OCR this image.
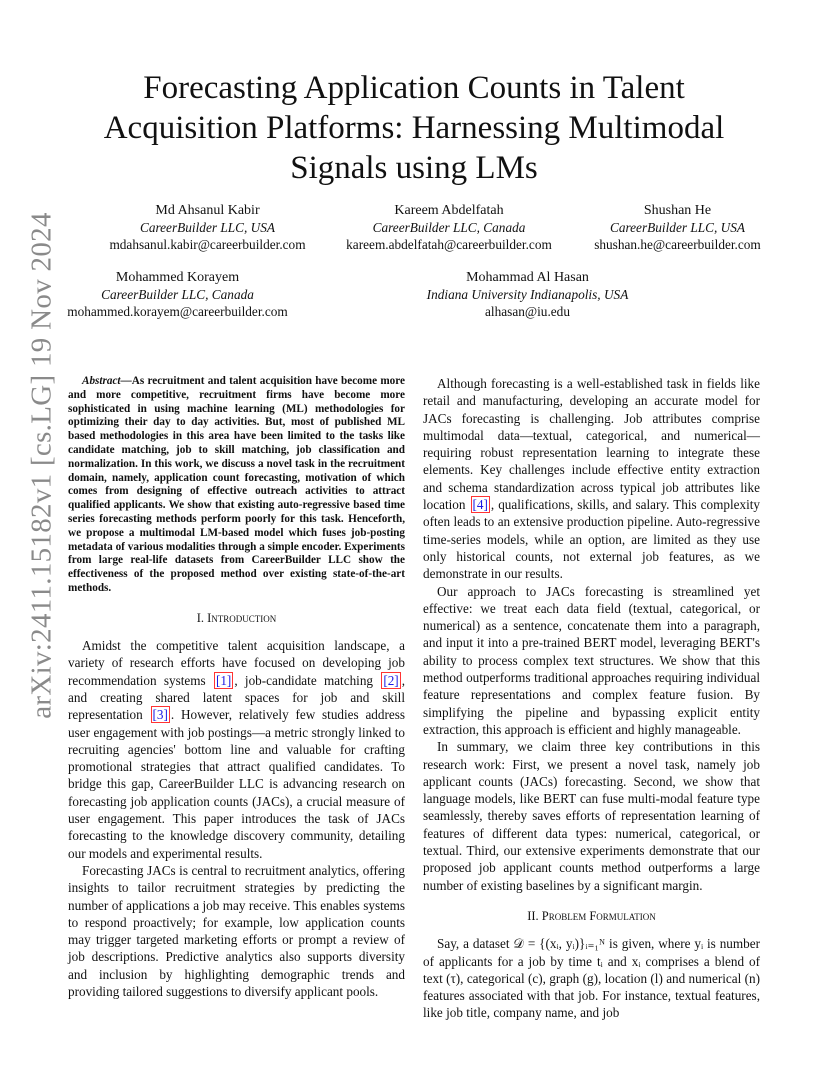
arXiv:2411.15182v1 [cs.LG] 19 Nov 2024
Forecasting Application Counts in Talent Acquisition Platforms: Harnessing Multimodal Signals using LMs
Md Ahsanul Kabir
CareerBuilder LLC, USA
mdahsanul.kabir@careerbuilder.com
Kareem Abdelfatah
CareerBuilder LLC, Canada
kareem.abdelfatah@careerbuilder.com
Shushan He
CareerBuilder LLC, USA
shushan.he@careerbuilder.com
Mohammed Korayem
CareerBuilder LLC, Canada
mohammed.korayem@careerbuilder.com
Mohammad Al Hasan
Indiana University Indianapolis, USA
alhasan@iu.edu

Abstract—As recruitment and talent acquisition have become more and more competitive, recruitment firms have become more sophisticated in using machine learning (ML) methodologies for optimizing their day to day activities. But, most of published ML based methodologies in this area have been limited to the tasks like candidate matching, job to skill matching, job classification and normalization. In this work, we discuss a novel task in the recruitment domain, namely, application count forecasting, motivation of which comes from designing of effective outreach activities to attract qualified applicants. We show that existing auto-regressive based time series forecasting methods perform poorly for this task. Henceforth, we propose a multimodal LM-based model which fuses job-posting metadata of various modalities through a simple encoder. Experiments from large real-life datasets from CareerBuilder LLC show the effectiveness of the proposed method over existing state-of-the-art methods.

I. Introduction

Amidst the competitive talent acquisition landscape, a variety of research efforts have focused on developing job recommendation systems [1] , job-candidate matching [2] , and creating shared latent spaces for job and skill representation [3] . However, relatively few studies address user engagement with job postings—a metric strongly linked to recruiting agencies' bottom line and valuable for crafting promotional strategies that attract qualified candidates. To bridge this gap, CareerBuilder LLC is advancing research on forecasting job application counts (JACs), a crucial measure of user engagement. This paper introduces the task of JACs forecasting to the knowledge discovery community, detailing our models and experimental results.

Forecasting JACs is central to recruitment analytics, offering insights to tailor recruitment strategies by predicting the number of applications a job may receive. This enables systems to respond proactively; for example, low application counts may trigger targeted marketing efforts or prompt a review of job descriptions. Predictive analytics also supports diversity and inclusion by highlighting demographic trends and providing tailored suggestions to diversify applicant pools.

Although forecasting is a well-established task in fields like retail and manufacturing, developing an accurate model for JACs forecasting is challenging. Job attributes comprise multimodal data—textual, categorical, and numerical—requiring robust representation learning to integrate these elements. Key challenges include effective entity extraction and schema standardization across typical job attributes like location [4] , qualifications, skills, and salary. This complexity often leads to an extensive production pipeline. Auto-regressive time-series models, while an option, are limited as they use only historical counts, not external job features, as we demonstrate in our results.

Our approach to JACs forecasting is streamlined yet effective: we treat each data field (textual, categorical, or numerical) as a sentence, concatenate them into a paragraph, and input it into a pre-trained BERT model, leveraging BERT's ability to process complex text structures. We show that this method outperforms traditional approaches requiring individual feature representations and complex feature fusion. By simplifying the pipeline and bypassing explicit entity extraction, this approach is efficient and highly manageable.

In summary, we claim three key contributions in this research work: First, we present a novel task, namely job applicant counts (JACs) forecasting. Second, we show that language models, like BERT can fuse multi-modal feature type seamlessly, thereby saves efforts of representation learning of features of different data types: numerical, categorical, or textual. Third, our extensive experiments demonstrate that our proposed job applicant counts method outperforms a large number of existing baselines by a significant margin.

II. Problem Formulation

Say, a dataset 𝒟 = {(xᵢ, yᵢ)}ᵢ₌₁ᴺ is given, where yᵢ is number of applicants for a job by time tᵢ and xᵢ comprises a blend of text (τ), categorical (c), graph (g), location (l) and numerical (n) features associated with that job. For instance, textual features, like job title, company name, and job
